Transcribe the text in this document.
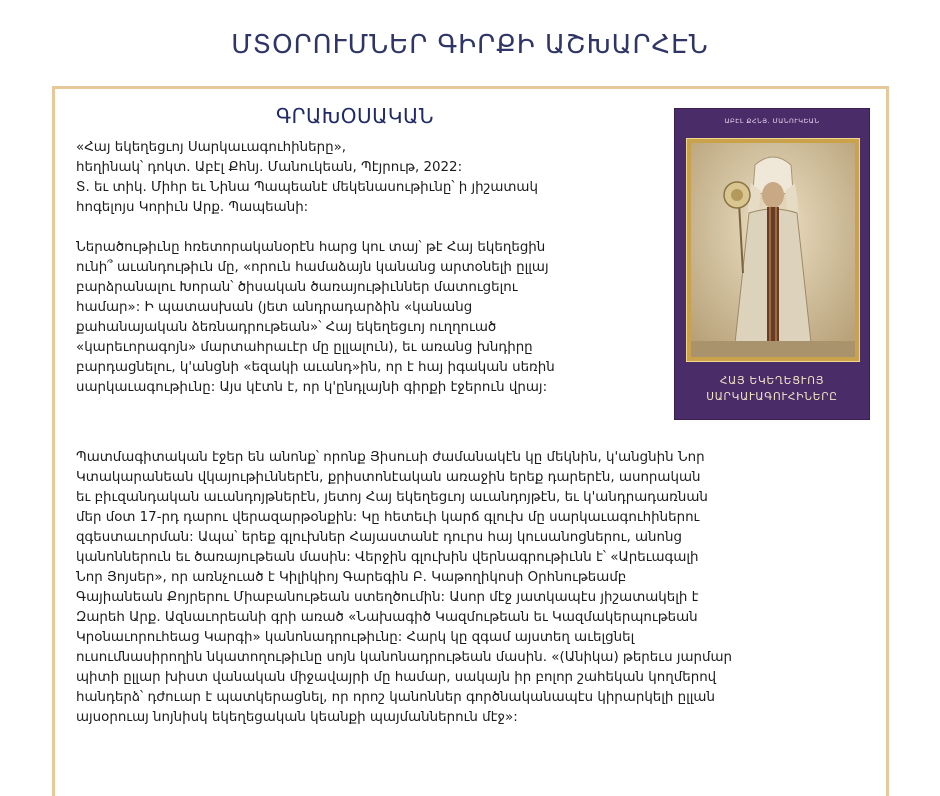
ՄՏՕՐՈՒՄՆԵՐ ԳԻՐՔԻ ԱՇԽԱՐՀԷՆ
ԳՐԱԽՕՍԱԿԱՆ
«Հայ եկեղեցւոյ Սարկաւագուհիները»,
հեղինակ՝ դոկտ. Աբէլ Քհնյ. Մանուկեան, Պէյրութ, 2022:
Տ. եւ տիկ. Միհր եւ Նինա Պապեանէ մեկենասութիւնը՝ ի յիշատակ
հոգելոյս Կորիւն Արք. Պապեանի:
Ներածութիւնը հռետորականօրէն հարց կու տայ՝ թէ Հայ եկեղեցին
ունի՞ աւանդութիւն մը, «որուն համաձայն կանանց արտօնելի ըլլայ
բարձրանալու Խորան՝ ծիսական ծառայութիւններ մատուցելու
համար»: Ի պատասխան (յետ անդրադարձին «կանանց
քահանայական ձեռնադրութեան»՝ Հայ եկեղեցւոյ ուղղուած
«կարեւորագոյն» մարտահրաւէր մը ըլլալուն), եւ առանց խնդիրը
բարդացնելու, կ'անցնի «եզակի աւանդ»ին, որ է հայ իգական սեռին
սարկաւագութիւնը: Այս կէտն է, որ կ'ընդլայնի գիրքի էջերուն վրայ:
Պատմագիտական էջեր են անոնք՝ որոնք Յիսուսի ժամանակէն կը մեկնին, կ'անցնին Նոր
Կտակարանեան վկայութիւններէն, քրիստոնէական առաջին երեք դարերէն, ասորական
եւ բիւզանդական աւանդոյթներէն, յետոյ Հայ եկեղեցւոյ աւանդոյթէն, եւ կ'անդրադառնան
մեր մօտ 17-րդ դարու վերազարթօնքին: Կը հետեւի կարճ գլուխ մը սարկաւագուհիներու
զգեստաւորման: Ապա՝ երեք գլուխներ Հայաստանէ դուրս հայ կուսանոցներու, անոնց
կանոններուն եւ ծառայութեան մասին: Վերջին գլուխին վերնագրութիւնն է՝ «Արեւագալի
Նոր Յոյսեր», որ առնչուած է Կիլիկիոյ Գարեգին Բ. Կաթողիկոսի Օրհնութեամբ
Գայիանեան Քոյրերու Միաբանութեան ստեղծումին: Ասոր մէջ յատկապէս յիշատակելի է
Զարեհ Արք. Ազնաւորեանի գրի առած «Նախագիծ Կազմութեան եւ Կազմակերպութեան
Կրօնաւորուհեաց Կարգի» կանոնադրութիւնը: Հարկ կը զգամ այստեղ աւելցնել
ուսումնասիրողին նկատողութիւնը սոյն կանոնադրութեան մասին. «(Անիկա) թերեւս յարմար
պիտի ըլլար խիստ վանական միջավայրի մը համար, սակայն իր բոլոր շահեկան կողմերով
հանդերձ՝ դժուար է պատկերացնել, որ որոշ կանոններ գործնականապէս կիրարկելի ըլլան
այսօրուայ նոյնիսկ եկեղեցական կեանքի պայմաններուն մէջ»:
ԱԲԷԼ ՔՀՆՅ. ՄԱՆՈՒԿԵԱՆ
ՀԱՅ ԵԿԵՂԵՑՒՈՅ
ՍԱՐԿԱՒԱԳՈՒՀԻՆԵՐԸ
